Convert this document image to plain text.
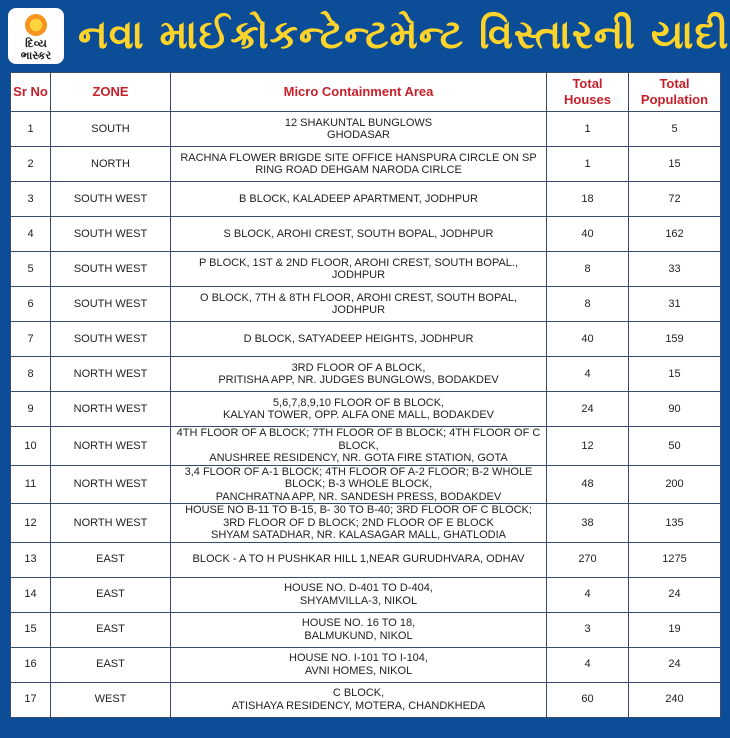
દિવ્ય ભાસ્કર નવા માઈક્રોકન્ટેન્ટમેન્ટ વિસ્તારની યાદી
Sr No	ZONE	Micro Containment Area	Total Houses	Total Population
1	SOUTH	12 SHAKUNTAL BUNGLOWS
GHODASAR	1	5
2	NORTH	RACHNA FLOWER BRIGDE SITE OFFICE HANSPURA CIRCLE ON SP RING ROAD DEHGAM NARODA CIRLCE	1	15
3	SOUTH WEST	B BLOCK, KALADEEP APARTMENT, JODHPUR	18	72
4	SOUTH WEST	S BLOCK, AROHI CREST, SOUTH BOPAL, JODHPUR	40	162
5	SOUTH WEST	P BLOCK, 1ST & 2ND FLOOR, AROHI CREST, SOUTH BOPAL., JODHPUR	8	33
6	SOUTH WEST	O BLOCK, 7TH & 8TH FLOOR, AROHI CREST, SOUTH BOPAL, JODHPUR	8	31
7	SOUTH WEST	D BLOCK, SATYADEEP HEIGHTS, JODHPUR	40	159
8	NORTH WEST	3RD FLOOR OF A BLOCK,
PRITISHA APP, NR. JUDGES BUNGLOWS, BODAKDEV	4	15
9	NORTH WEST	5,6,7,8,9,10 FLOOR OF B BLOCK,
KALYAN TOWER, OPP. ALFA ONE MALL, BODAKDEV	24	90
10	NORTH WEST	4TH FLOOR OF A BLOCK; 7TH FLOOR OF B BLOCK; 4TH FLOOR OF C BLOCK,
ANUSHREE RESIDENCY, NR. GOTA FIRE STATION, GOTA	12	50
11	NORTH WEST	3,4 FLOOR OF A-1 BLOCK; 4TH FLOOR OF A-2 FLOOR; B-2 WHOLE BLOCK; B-3 WHOLE BLOCK,
PANCHRATNA APP, NR. SANDESH PRESS, BODAKDEV	48	200
12	NORTH WEST	HOUSE NO B-11 TO B-15, B- 30 TO B-40; 3RD FLOOR OF C BLOCK; 3RD FLOOR OF D BLOCK; 2ND FLOOR OF E BLOCK
SHYAM SATADHAR, NR. KALASAGAR MALL, GHATLODIA	38	135
13	EAST	BLOCK - A TO H PUSHKAR HILL 1,NEAR GURUDHVARA, ODHAV	270	1275
14	EAST	HOUSE NO. D-401 TO D-404,
SHYAMVILLA-3, NIKOL	4	24
15	EAST	HOUSE NO. 16 TO 18,
BALMUKUND, NIKOL	3	19
16	EAST	HOUSE NO. I-101 TO I-104,
AVNI HOMES, NIKOL	4	24
17	WEST	C BLOCK,
ATISHAYA RESIDENCY, MOTERA, CHANDKHEDA	60	240
